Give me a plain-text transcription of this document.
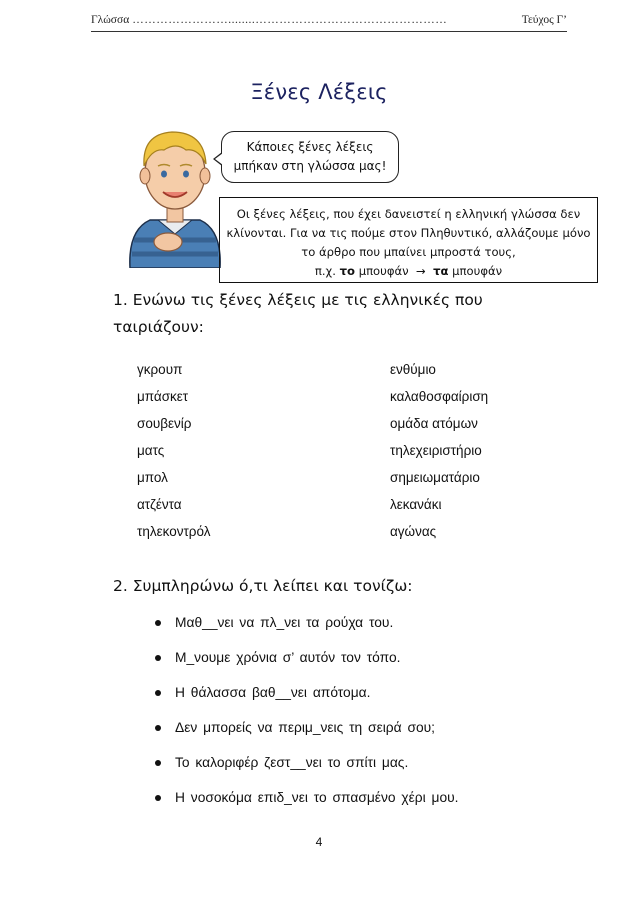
Γλώσσα ……………………........…………………………………………	Τεύχος Γ’
Ξένες Λέξεις
Κάποιες ξένες λέξεις
μπήκαν στη γλώσσα μας!
Οι ξένες λέξεις, που έχει δανειστεί η ελληνική γλώσσα δεν
κλίνονται. Για να τις πούμε στον Πληθυντικό, αλλάζουμε μόνο
το άρθρο που μπαίνει μπροστά τους,
π.χ. το μπουφάν → τα μπουφάν
1. Ενώνω τις ξένες λέξεις με τις ελληνικές που ταιριάζουν:
γκρουπ
μπάσκετ
σουβενίρ
ματς
μπολ
ατζέντα
τηλεκοντρόλ
ενθύμιο
καλαθοσφαίριση
ομάδα ατόμων
τηλεχειριστήριο
σημειωματάριο
λεκανάκι
αγώνας
2. Συμπληρώνω ό,τι λείπει και τονίζω:
Μαθ__νει να πλ_νει τα ρούχα του.
Μ_νουμε χρόνια σ’ αυτόν τον τόπο.
Η θάλασσα βαθ__νει απότομα.
Δεν μπορείς να περιμ_νεις τη σειρά σου;
Το καλοριφέρ ζεστ__νει το σπίτι μας.
Η νοσοκόμα επιδ_νει το σπασμένο χέρι μου.
4
